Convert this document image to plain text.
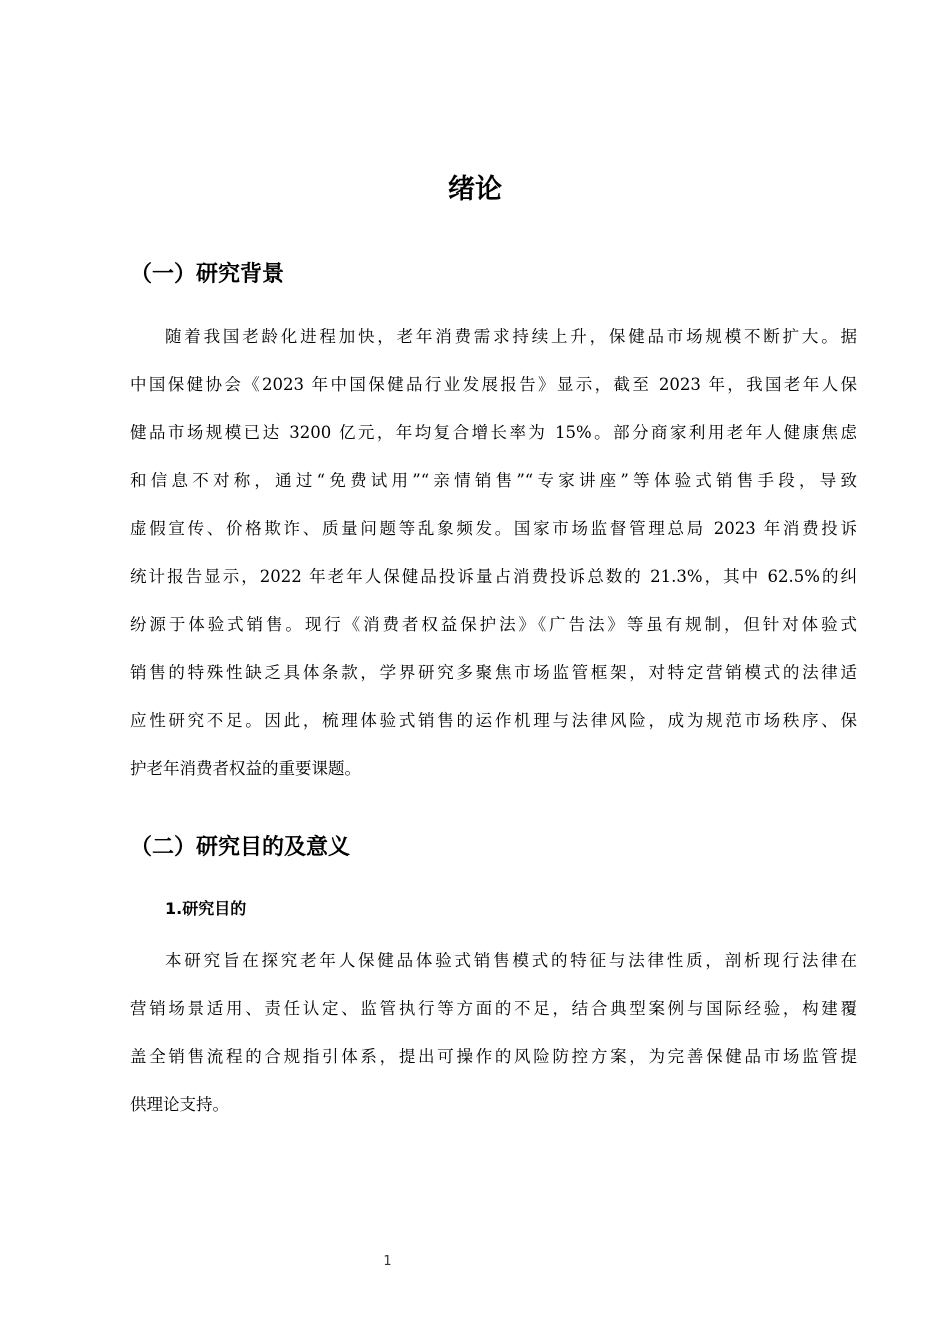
绪论
（一）研究背景
随着我国老龄化进程加快，老年消费需求持续上升，保健品市场规模不断扩大。据
中国保健协会《2023 年中国保健品行业发展报告》显示，截至 2023 年，我国老年人保
健品市场规模已达 3200 亿元，年均复合增长率为 15%。部分商家利用老年人健康焦虑
和信息不对称，通过“免费试用”“亲情销售”“专家讲座”等体验式销售手段，导致
虚假宣传、价格欺诈、质量问题等乱象频发。国家市场监督管理总局 2023 年消费投诉
统计报告显示，2022 年老年人保健品投诉量占消费投诉总数的 21.3%，其中 62.5%的纠
纷源于体验式销售。现行《消费者权益保护法》《广告法》等虽有规制，但针对体验式
销售的特殊性缺乏具体条款，学界研究多聚焦市场监管框架，对特定营销模式的法律适
应性研究不足。因此，梳理体验式销售的运作机理与法律风险，成为规范市场秩序、保
护老年消费者权益的重要课题。
（二）研究目的及意义
1.研究目的
本研究旨在探究老年人保健品体验式销售模式的特征与法律性质，剖析现行法律在
营销场景适用、责任认定、监管执行等方面的不足，结合典型案例与国际经验，构建覆
盖全销售流程的合规指引体系，提出可操作的风险防控方案，为完善保健品市场监管提
供理论支持。
1
